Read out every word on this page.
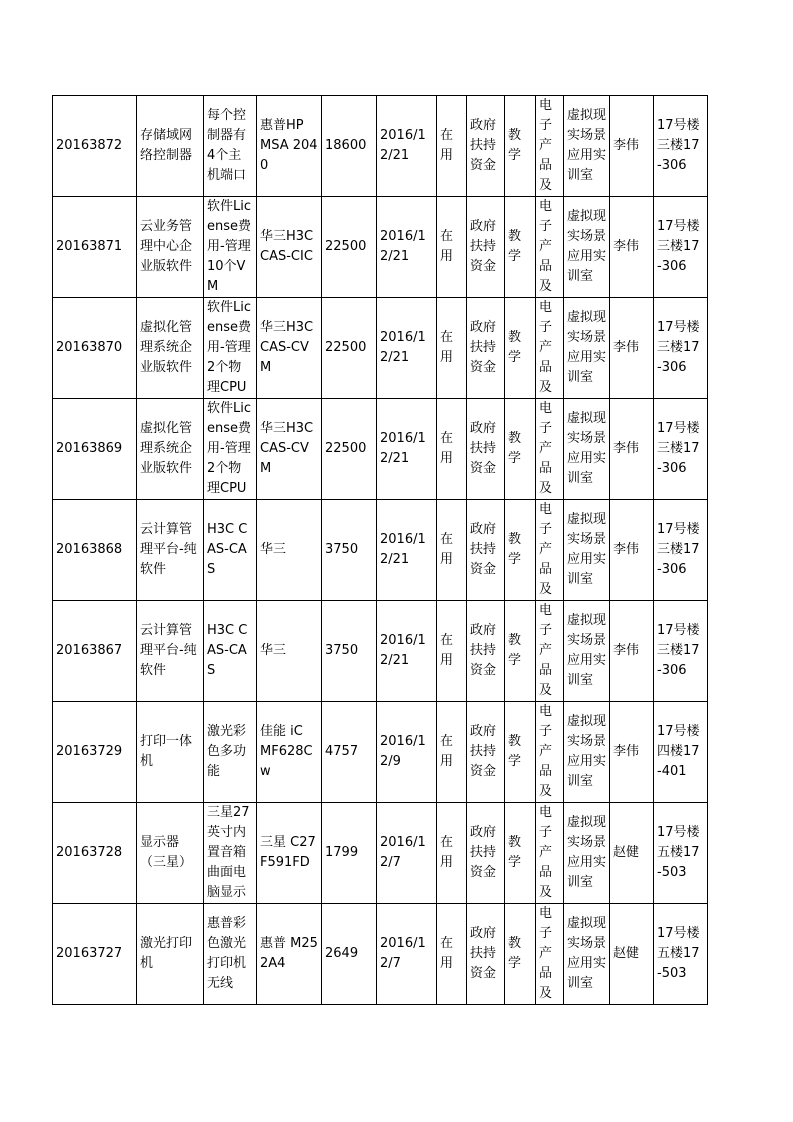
20163872	存储域网络控制器	每个控制器有4个主机端口	惠普HP MSA 2040	18600	2016/12/21	在用	政府扶持资金	教学	电子产品及	虚拟现实场景应用实训室	李伟	17号楼三楼17-306
20163871	云业务管理中心企业版软件	软件License费用-管理10个VM	华三H3C CAS-CIC	22500	2016/12/21	在用	政府扶持资金	教学	电子产品及	虚拟现实场景应用实训室	李伟	17号楼三楼17-306
20163870	虚拟化管理系统企业版软件	软件License费用-管理2个物理CPU	华三H3C CAS-CVM	22500	2016/12/21	在用	政府扶持资金	教学	电子产品及	虚拟现实场景应用实训室	李伟	17号楼三楼17-306
20163869	虚拟化管理系统企业版软件	软件License费用-管理2个物理CPU	华三H3C CAS-CVM	22500	2016/12/21	在用	政府扶持资金	教学	电子产品及	虚拟现实场景应用实训室	李伟	17号楼三楼17-306
20163868	云计算管理平台-纯软件	H3C CAS-CAS	华三	3750	2016/12/21	在用	政府扶持资金	教学	电子产品及	虚拟现实场景应用实训室	李伟	17号楼三楼17-306
20163867	云计算管理平台-纯软件	H3C CAS-CAS	华三	3750	2016/12/21	在用	政府扶持资金	教学	电子产品及	虚拟现实场景应用实训室	李伟	17号楼三楼17-306
20163729	打印一体机	激光彩色多功能	佳能 iC MF628Cw	4757	2016/12/9	在用	政府扶持资金	教学	电子产品及	虚拟现实场景应用实训室	李伟	17号楼四楼17-401
20163728	显示器（三星）	三星27英寸内置音箱曲面电脑显示	三星 C27F591FD	1799	2016/12/7	在用	政府扶持资金	教学	电子产品及	虚拟现实场景应用实训室	赵健	17号楼五楼17-503
20163727	激光打印机	惠普彩色激光打印机无线	惠普 M252A4	2649	2016/12/7	在用	政府扶持资金	教学	电子产品及	虚拟现实场景应用实训室	赵健	17号楼五楼17-503
